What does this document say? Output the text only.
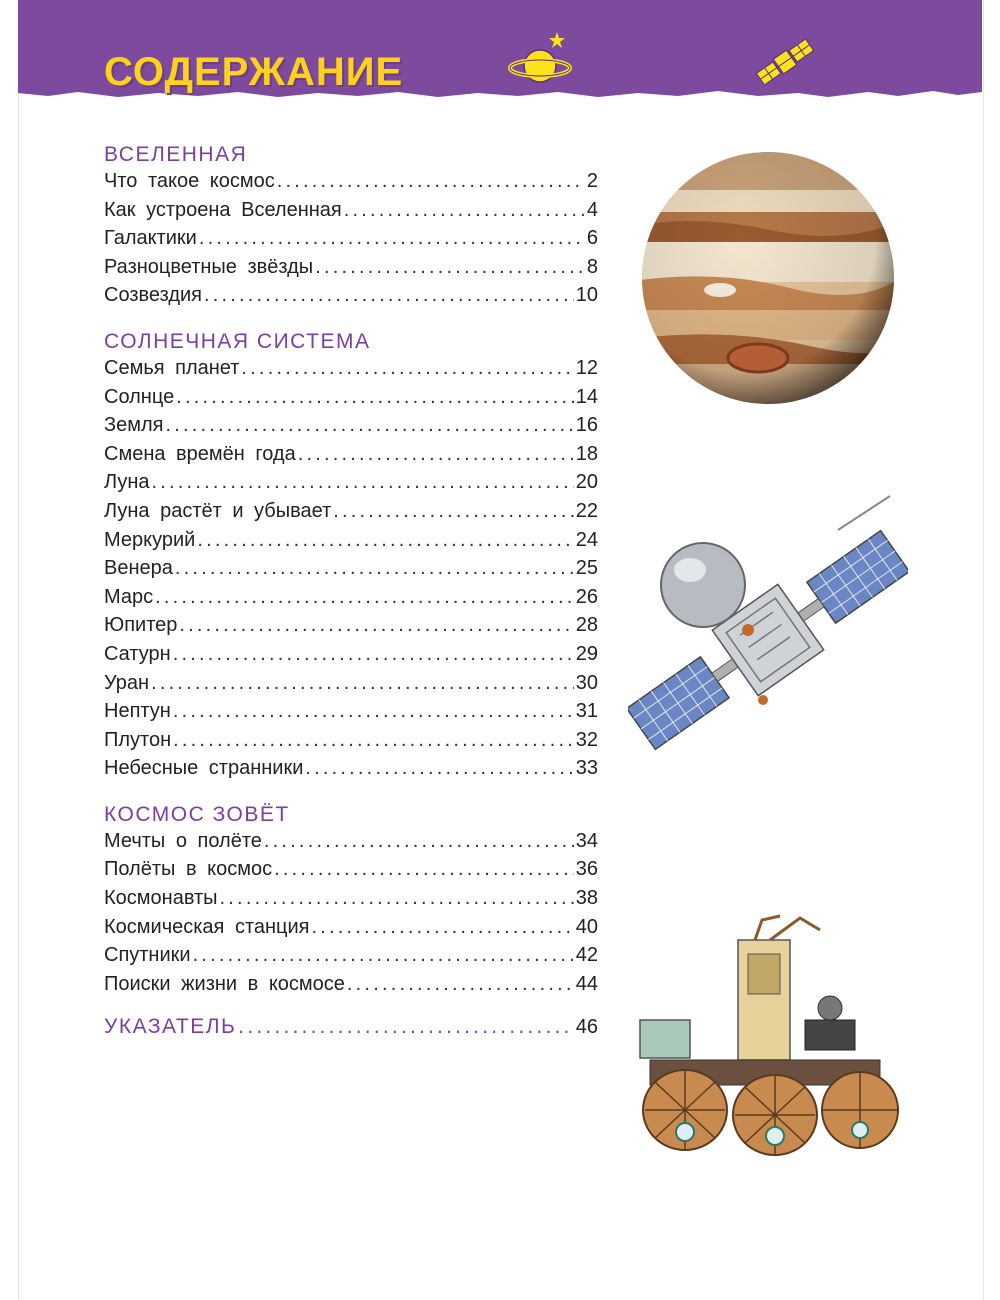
СОДЕРЖАНИЕ
ВСЕЛЕННАЯ
Что такое космос .....	2
Как устроена Вселенная .....	4
Галактики .....	6
Разноцветные звёзды .....	8
Созвездия .....	10
СОЛНЕЧНАЯ СИСТЕМА
Семья планет .....	12
Солнце .....	14
Земля .....	16
Смена времён года .....	18
Луна .....	20
Луна растёт и убывает .....	22
Меркурий .....	24
Венера .....	25
Марс .....	26
Юпитер .....	28
Сатурн .....	29
Уран .....	30
Нептун .....	31
Плутон .....	32
Небесные странники .....	33
КОСМОС ЗОВЁТ
Мечты о полёте .....	34
Полёты в космос .....	36
Космонавты .....	38
Космическая станция .....	40
Спутники .....	42
Поиски жизни в космосе .....	44
УКАЗАТЕЛЬ .....	46
